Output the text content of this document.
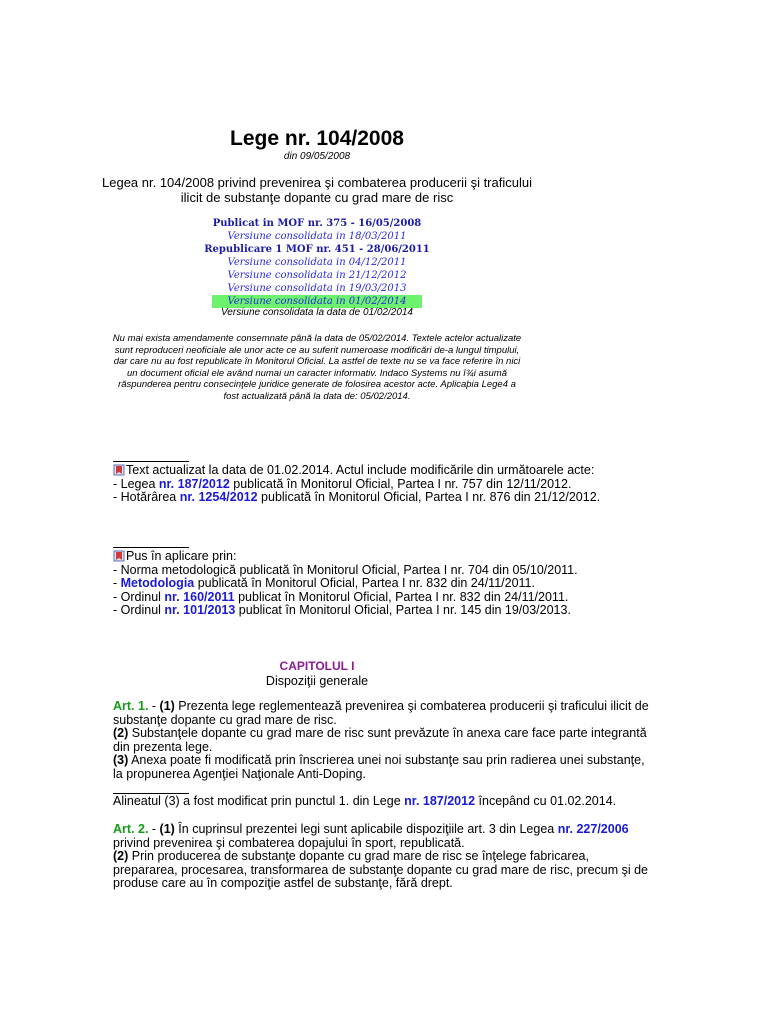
Lege nr. 104/2008
din 09/05/2008
Legea nr. 104/2008 privind prevenirea şi combaterea producerii şi traficului ilicit de substanţe dopante cu grad mare de risc
Publicat in MOF nr. 375 - 16/05/2008
Versiune consolidata in 18/03/2011
Republicare 1 MOF nr. 451 - 28/06/2011
Versiune consolidata in 04/12/2011
Versiune consolidata in 21/12/2012
Versiune consolidata in 19/03/2013
Versiune consolidata in 01/02/2014
Versiune consolidata la data de 01/02/2014
Nu mai exista amendamente consemnate până la data de 05/02/2014. Textele actelor actualizate sunt reproduceri neoficiale ale unor acte ce au suferit numeroase modificări de-a lungul timpului, dar care nu au fost republicate în Monitorul Oficial. La astfel de texte nu se va face referire în nici un document oficial ele având numai un caracter informativ. Indaco Systems nu î¾i asumă răspunderea pentru consecinţele juridice generate de folosirea acestor acte. Aplicaþia Lege4 a fost actualizată până la data de: 05/02/2014.
Text actualizat la data de 01.02.2014. Actul include modificările din următoarele acte:
- Legea nr. 187/2012 publicată în Monitorul Oficial, Partea I nr. 757 din 12/11/2012.
- Hotărârea nr. 1254/2012 publicată în Monitorul Oficial, Partea I nr. 876 din 21/12/2012.
Pus în aplicare prin:
- Norma metodologică publicată în Monitorul Oficial, Partea I nr. 704 din 05/10/2011.
- Metodologia publicată în Monitorul Oficial, Partea I nr. 832 din 24/11/2011.
- Ordinul nr. 160/2011 publicat în Monitorul Oficial, Partea I nr. 832 din 24/11/2011.
- Ordinul nr. 101/2013 publicat în Monitorul Oficial, Partea I nr. 145 din 19/03/2013.
CAPITOLUL I
Dispoziţii generale
Art. 1. - (1) Prezenta lege reglementează prevenirea şi combaterea producerii şi traficului ilicit de substanţe dopante cu grad mare de risc.
(2) Substanţele dopante cu grad mare de risc sunt prevăzute în anexa care face parte integrantă din prezenta lege.
(3) Anexa poate fi modificată prin înscrierea unei noi substanţe sau prin radierea unei substanţe, la propunerea Agenţiei Naţionale Anti-Doping.
Alineatul (3) a fost modificat prin punctul 1. din Lege nr. 187/2012 începând cu 01.02.2014.
Art. 2. - (1) În cuprinsul prezentei legi sunt aplicabile dispoziţiile art. 3 din Legea nr. 227/2006 privind prevenirea şi combaterea dopajului în sport, republicată.
(2) Prin producerea de substanţe dopante cu grad mare de risc se înţelege fabricarea, prepararea, procesarea, transformarea de substanţe dopante cu grad mare de risc, precum şi de produse care au în compoziţie astfel de substanţe, fără drept.
